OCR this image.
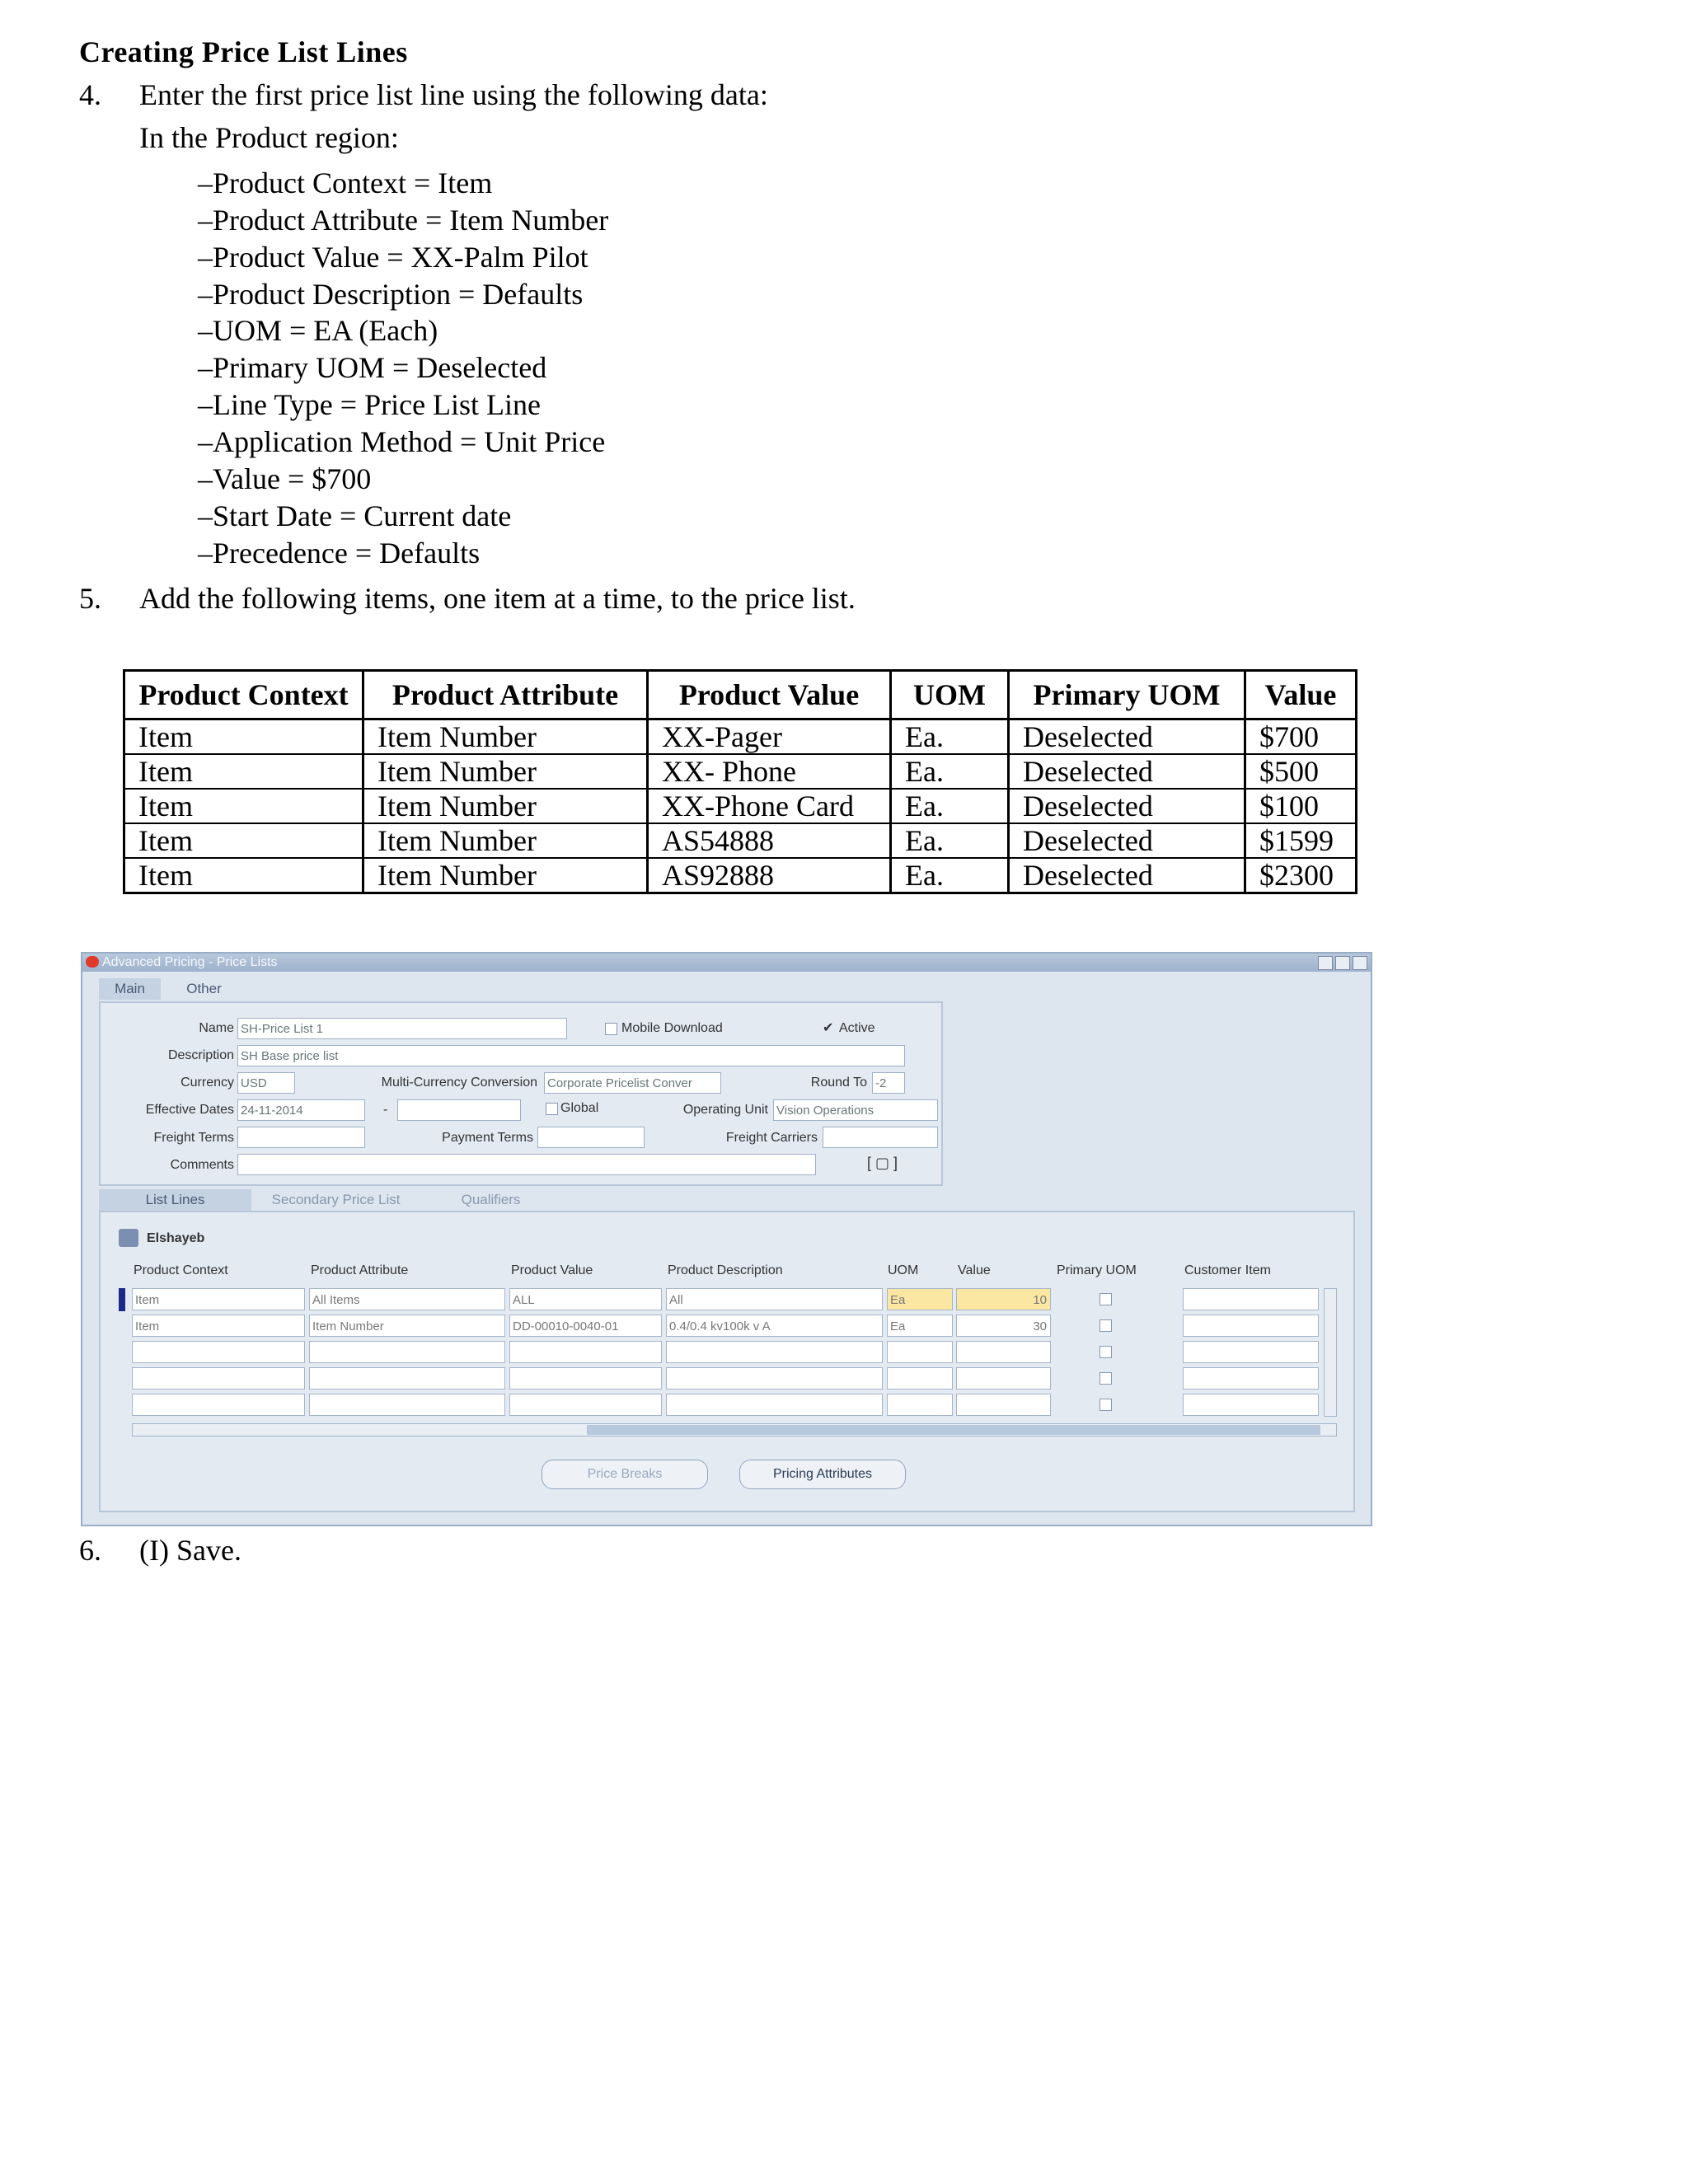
Creating Price List Lines
4. Enter the first price list line using the following data:
In the Product region:
–Product Context = Item
–Product Attribute = Item Number
–Product Value = XX-Palm Pilot
–Product Description = Defaults
–UOM = EA (Each)
–Primary UOM = Deselected
–Line Type = Price List Line
–Application Method = Unit Price
–Value = $700
–Start Date = Current date
–Precedence = Defaults
5. Add the following items, one item at a time, to the price list.
Product Context	Product Attribute	Product Value	UOM	Primary UOM	Value
Item	Item Number	XX-Pager	Ea.	Deselected	$700
Item	Item Number	XX- Phone	Ea.	Deselected	$500
Item	Item Number	XX-Phone Card	Ea.	Deselected	$100
Item	Item Number	AS54888	Ea.	Deselected	$1599
Item	Item Number	AS92888	Ea.	Deselected	$2300
Advanced Pricing - Price Lists
Main	Other
Name SH-Price List 1	Mobile Download	✔ Active
Description SH Base price list
Currency USD	Multi-Currency Conversion Corporate Pricelist Conver	Round To -2
Effective Dates 24-11-2014	-	Global	Operating Unit Vision Operations
Freight Terms	Payment Terms	Freight Carriers
Comments	[ ▢ ]
List Lines	Secondary Price List	Qualifiers
Elshayeb
Product Context	Product Attribute	Product Value	Product Description	UOM	Value	Primary UOM	Customer Item
Item	All Items	ALL	All	Ea	10
Item	Item Number	DD-00010-0040-01	0.4/0.4 kv100k v A	Ea	30
Price Breaks	Pricing Attributes
6. (I) Save.
